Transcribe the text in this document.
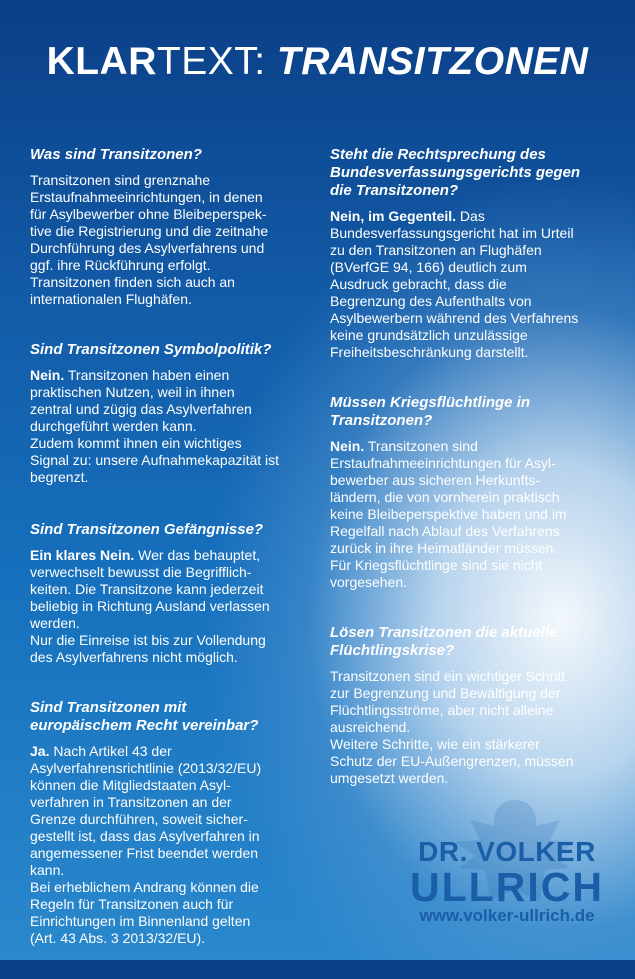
KLARTEXT: TRANSITZONEN

Was sind Transitzonen?

Transitzonen sind grenznahe
Erstaufnahmeeinrichtungen, in denen
für Asylbewerber ohne Bleibeperspek-
tive die Registrierung und die zeitnahe
Durchführung des Asylverfahrens und
ggf. ihre Rückführung erfolgt.
Transitzonen finden sich auch an
internationalen Flughäfen.

Sind Transitzonen Symbolpolitik?

Nein. Transitzonen haben einen
praktischen Nutzen, weil in ihnen
zentral und zügig das Asylverfahren
durchgeführt werden kann.
Zudem kommt ihnen ein wichtiges
Signal zu: unsere Aufnahmekapazität ist
begrenzt.

Sind Transitzonen Gefängnisse?

Ein klares Nein. Wer das behauptet,
verwechselt bewusst die Begrifflich-
keiten. Die Transitzone kann jederzeit
beliebig in Richtung Ausland verlassen
werden.
Nur die Einreise ist bis zur Vollendung
des Asylverfahrens nicht möglich.

Sind Transitzonen mit
europäischem Recht vereinbar?

Ja. Nach Artikel 43 der
Asylverfahrensrichtlinie (2013/32/EU)
können die Mitgliedstaaten Asyl-
verfahren in Transitzonen an der
Grenze durchführen, soweit sicher-
gestellt ist, dass das Asylverfahren in
angemessener Frist beendet werden
kann.
Bei erheblichem Andrang können die
Regeln für Transitzonen auch für
Einrichtungen im Binnenland gelten
(Art. 43 Abs. 3 2013/32/EU).

Steht die Rechtsprechung des
Bundesverfassungsgerichts gegen
die Transitzonen?

Nein, im Gegenteil. Das
Bundesverfassungsgericht hat im Urteil
zu den Transitzonen an Flughäfen
(BVerfGE 94, 166) deutlich zum
Ausdruck gebracht, dass die
Begrenzung des Aufenthalts von
Asylbewerbern während des Verfahrens
keine grundsätzlich unzulässige
Freiheitsbeschränkung darstellt.

Müssen Kriegsflüchtlinge in
Transitzonen?

Nein. Transitzonen sind
Erstaufnahmeeinrichtungen für Asyl-
bewerber aus sicheren Herkunfts-
ländern, die von vornherein praktisch
keine Bleibeperspektive haben und im
Regelfall nach Ablauf des Verfahrens
zurück in ihre Heimatländer müssen.
Für Kriegsflüchtlinge sind sie nicht
vorgesehen.

Lösen Transitzonen die aktuelle
Flüchtlingskrise?

Transitzonen sind ein wichtiger Schritt
zur Begrenzung und Bewältigung der
Flüchtlingsströme, aber nicht alleine
ausreichend.
Weitere Schritte, wie ein stärkerer
Schutz der EU-Außengrenzen, müssen
umgesetzt werden.

DR. VOLKER
ULLRICH
www.volker-ullrich.de
